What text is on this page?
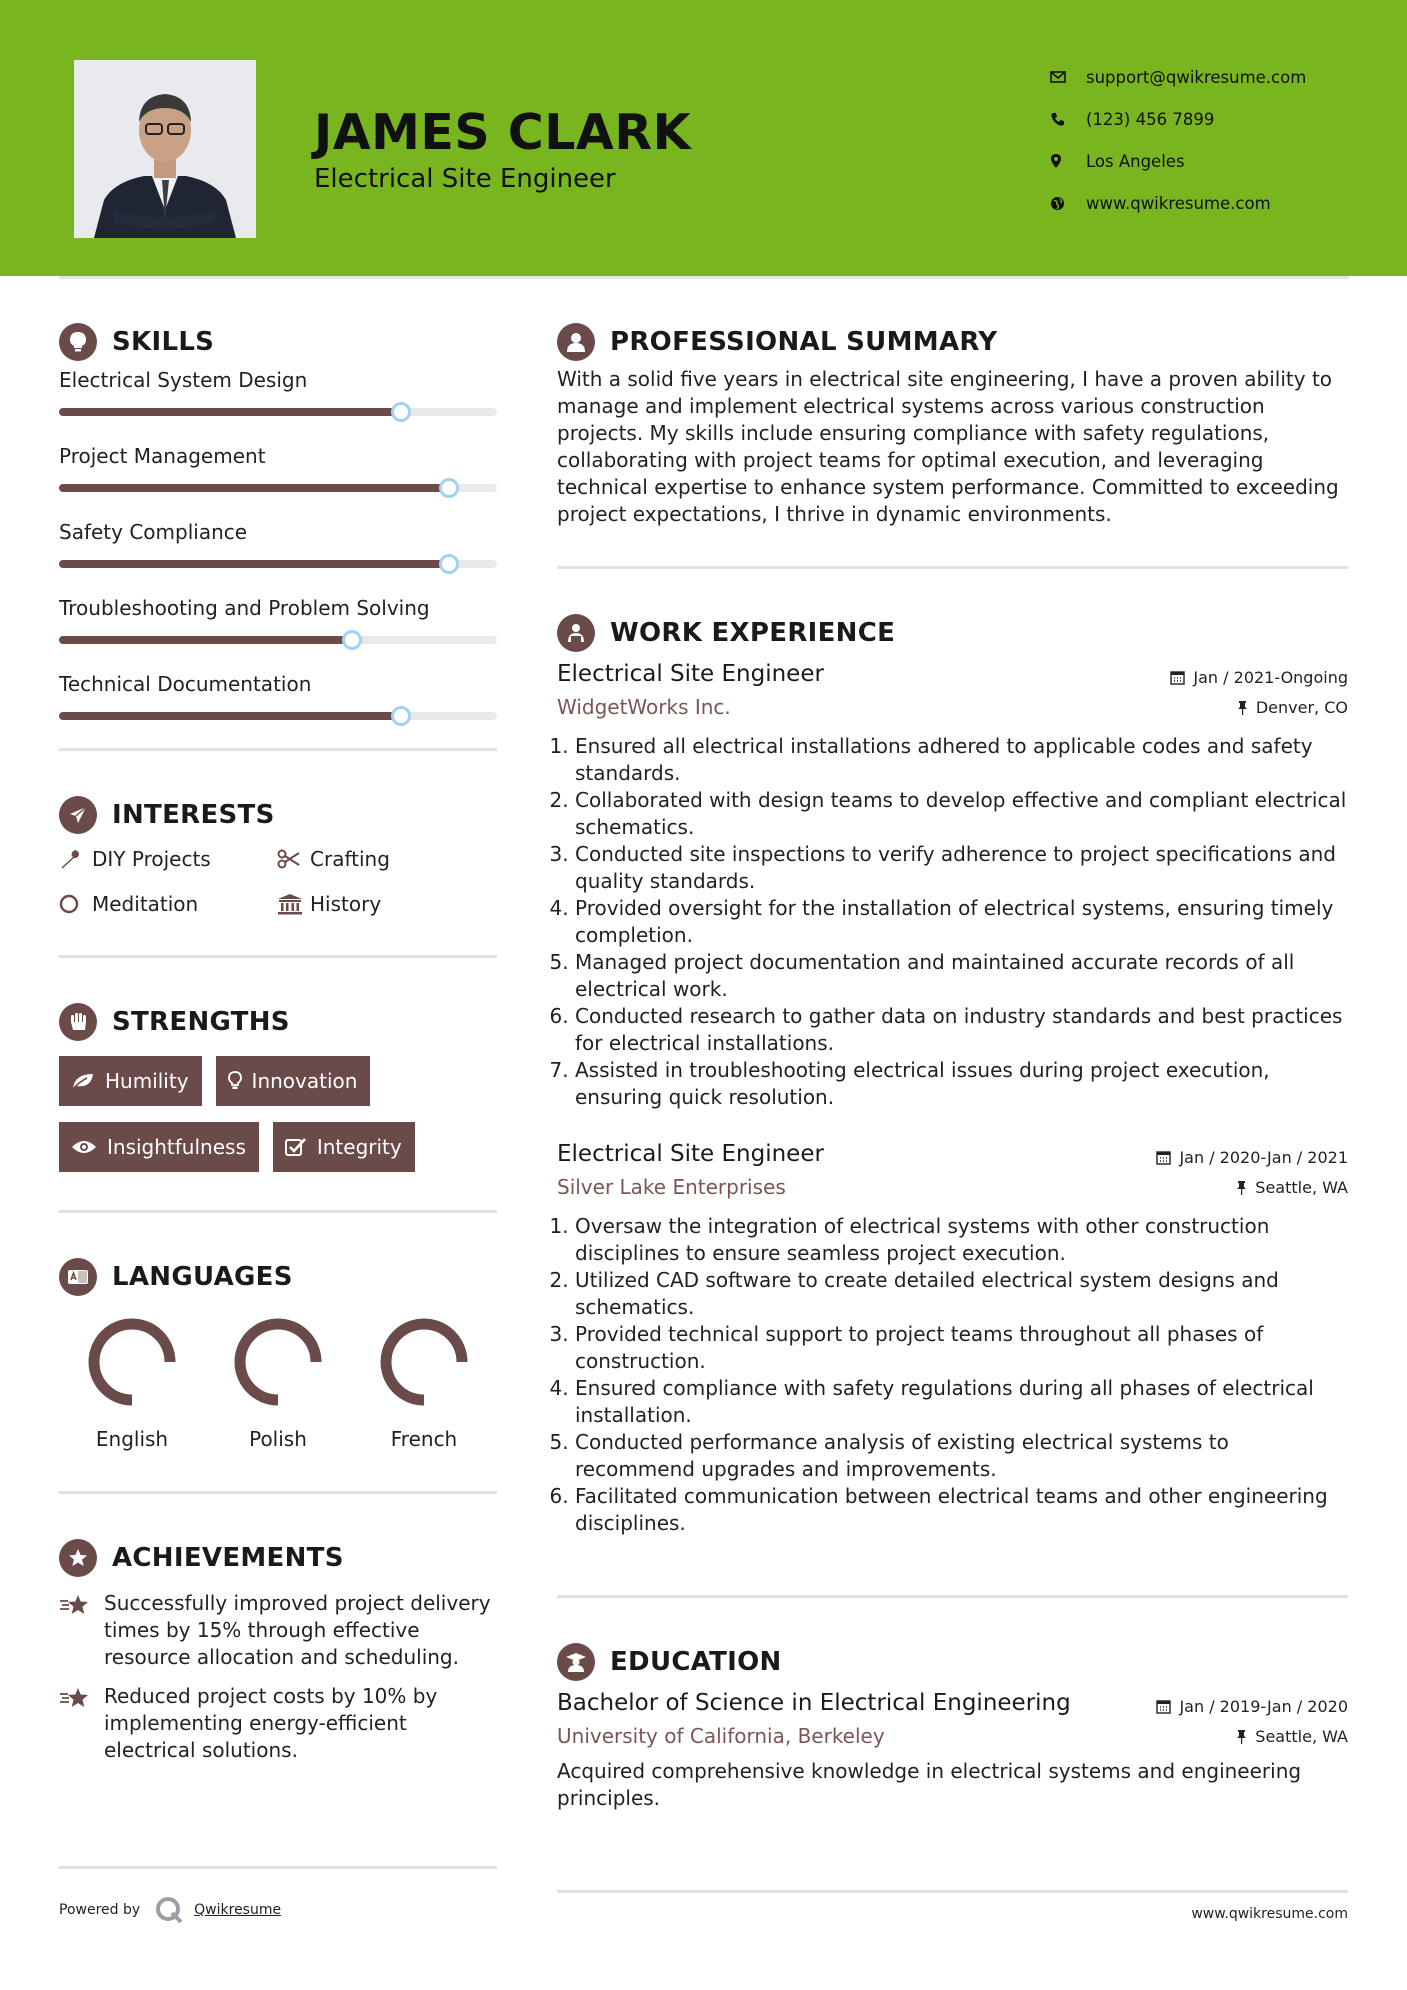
JAMES CLARK
Electrical Site Engineer
support@qwikresume.com
(123) 456 7899
Los Angeles
www.qwikresume.com
SKILLS
Electrical System Design
Project Management
Safety Compliance
Troubleshooting and Problem Solving
Technical Documentation
INTERESTS
DIY Projects	Crafting
Meditation	History
STRENGTHS
Humility	Innovation
Insightfulness	Integrity
LANGUAGES
English	Polish	French
ACHIEVEMENTS
Successfully improved project delivery times by 15% through effective resource allocation and scheduling.
Reduced project costs by 10% by implementing energy-efficient electrical solutions.
PROFESSIONAL SUMMARY

With a solid five years in electrical site engineering, I have a proven ability to manage and implement electrical systems across various construction projects. My skills include ensuring compliance with safety regulations, collaborating with project teams for optimal execution, and leveraging technical expertise to enhance system performance. Committed to exceeding project expectations, I thrive in dynamic environments.

WORK EXPERIENCE
Electrical Site Engineer	Jan / 2021-Ongoing
WidgetWorks Inc.	Denver, CO
1. Ensured all electrical installations adhered to applicable codes and safety standards.
2. Collaborated with design teams to develop effective and compliant electrical schematics.
3. Conducted site inspections to verify adherence to project specifications and quality standards.
4. Provided oversight for the installation of electrical systems, ensuring timely completion.
5. Managed project documentation and maintained accurate records of all electrical work.
6. Conducted research to gather data on industry standards and best practices for electrical installations.
7. Assisted in troubleshooting electrical issues during project execution, ensuring quick resolution.
Electrical Site Engineer	Jan / 2020-Jan / 2021
Silver Lake Enterprises	Seattle, WA
1. Oversaw the integration of electrical systems with other construction disciplines to ensure seamless project execution.
2. Utilized CAD software to create detailed electrical system designs and schematics.
3. Provided technical support to project teams throughout all phases of construction.
4. Ensured compliance with safety regulations during all phases of electrical installation.
5. Conducted performance analysis of existing electrical systems to recommend upgrades and improvements.
6. Facilitated communication between electrical teams and other engineering disciplines.
EDUCATION
Bachelor of Science in Electrical Engineering	Jan / 2019-Jan / 2020
University of California, Berkeley	Seattle, WA

Acquired comprehensive knowledge in electrical systems and engineering principles.

Powered by	Qwikresume	www.qwikresume.com
